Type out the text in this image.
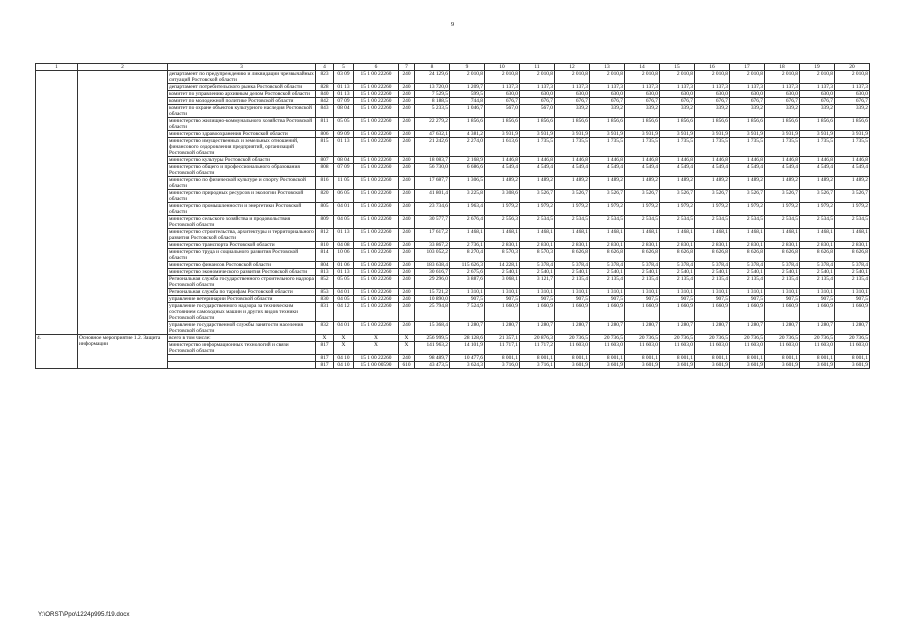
9
1	2	3	4	5	6	7	8	9	10	11	12	13	14	15	16	17	18	19	20
		департамент по предупреждению и ликвидации чрезвычайных ситуаций Ростовской области	823	03 09	15 1 00 22260	240	24 129,6	2 010,8	2 010,8	2 010,8	2 010,8	2 010,8	2 010,8	2 010,8	2 010,8	2 010,8	2 010,8	2 010,8	2 010,8
		департамент потребительского рынка Ростовской области	828	01 13	15 1 00 22260	240	13 720,0	1 209,7	1 137,3	1 137,3	1 137,3	1 137,3	1 137,3	1 137,3	1 137,3	1 137,3	1 137,3	1 137,3	1 137,3
		комитет по управлению архивным делом Ростовской области	840	01 13	15 1 00 22260	240	7 529,5	599,5	630,0	630,0	630,0	630,0	630,0	630,0	630,0	630,0	630,0	630,0	630,0
		комитет по молодежной политике Ростовской области	842	07 09	15 1 00 22260	240	8 188,5	744,8	676,7	676,7	676,7	676,7	676,7	676,7	676,7	676,7	676,7	676,7	676,7
		комитет по охране объектов культурного наследия Ростовской области	843	08 04	15 1 00 22260	240	5 233,5	1 046,7	567,0	567,0	339,2	339,2	339,2	339,2	339,2	339,2	339,2	339,2	339,2
		министерство жилищно-коммунального хозяйства Ростовской области	811	05 05	15 1 00 22260	240	22 279,2	1 856,6	1 856,6	1 856,6	1 856,6	1 856,6	1 856,6	1 856,6	1 856,6	1 856,6	1 856,6	1 856,6	1 856,6
		министерство здравоохранения Ростовской области	806	09 09	15 1 00 22260	240	47 632,1	4 381,2	3 931,9	3 931,9	3 931,9	3 931,9	3 931,9	3 931,9	3 931,9	3 931,9	3 931,9	3 931,9	3 931,9
		министерство имущественных и земельных отношений, финансового оздоровления предприятий, организаций Ростовской области	815	01 13	15 1 00 22260	240	21 242,6	2 274,0	1 613,6	1 735,5	1 735,5	1 735,5	1 735,5	1 735,5	1 735,5	1 735,5	1 735,5	1 735,5	1 735,5
		министерство культуры Ростовской области	807	08 04	15 1 00 22260	240	18 083,7	2 168,9	1 446,8	1 446,8	1 446,8	1 446,8	1 446,8	1 446,8	1 446,8	1 446,8	1 446,8	1 446,8	1 446,8
		министерство общего и профессионального образования Ростовской области	808	07 09	15 1 00 22260	240	56 730,0	6 686,6	4 549,4	4 549,4	4 549,4	4 549,4	4 549,4	4 549,4	4 549,4	4 549,4	4 549,4	4 549,4	4 549,4
		министерство по физической культуре и спорту Ростовской области	816	11 05	15 1 00 22260	240	17 687,7	1 306,5	1 489,2	1 489,2	1 489,2	1 489,2	1 489,2	1 489,2	1 489,2	1 489,2	1 489,2	1 489,2	1 489,2
		министерство природных ресурсов и экологии Ростовской области	820	06 05	15 1 00 22260	240	41 801,4	3 225,8	3 308,6	3 526,7	3 526,7	3 526,7	3 526,7	3 526,7	3 526,7	3 526,7	3 526,7	3 526,7	3 526,7
		министерство промышленности и энергетики Ростовской области	805	04 01	15 1 00 22260	240	23 734,6	1 963,4	1 979,2	1 979,2	1 979,2	1 979,2	1 979,2	1 979,2	1 979,2	1 979,2	1 979,2	1 979,2	1 979,2
		министерство сельского хозяйства и продовольствия Ростовской области	809	04 05	15 1 00 22260	240	30 577,7	2 676,4	2 556,3	2 534,5	2 534,5	2 534,5	2 534,5	2 534,5	2 534,5	2 534,5	2 534,5	2 534,5	2 534,5
		министерство строительства, архитектуры и территориального развития Ростовской области	812	01 13	15 1 00 22260	240	17 617,2	1 468,1	1 468,1	1 468,1	1 468,1	1 468,1	1 468,1	1 468,1	1 468,1	1 468,1	1 468,1	1 468,1	1 468,1
		министерство транспорта Ростовской области	810	04 08	15 1 00 22260	240	33 867,2	2 736,1	2 830,1	2 830,1	2 830,1	2 830,1	2 830,1	2 830,1	2 830,1	2 830,1	2 830,1	2 830,1	2 830,1
		министерство труда и социального развития Ростовской области	814	10 06	15 1 00 22260	240	103 052,2	8 270,4	8 570,3	8 570,3	8 626,8	8 626,8	8 626,8	8 626,8	8 626,8	8 626,8	8 626,8	8 626,8	8 626,8
		министерство финансов Ростовской области	804	01 06	15 1 00 22260	240	183 638,4	115 626,3	14 228,1	5 378,4	5 378,4	5 378,4	5 378,4	5 378,4	5 378,4	5 378,4	5 378,4	5 378,4	5 378,4
		министерство экономического развития Ростовской области	813	01 13	15 1 00 22260	240	30 616,7	2 675,6	2 540,1	2 540,1	2 540,1	2 540,1	2 540,1	2 540,1	2 540,1	2 540,1	2 540,1	2 540,1	2 540,1
		Региональная служба государственного строительного надзора Ростовской области	852	05 05	15 1 00 22260	240	29 296,0	3 887,6	3 068,1	3 121,7	2 135,4	2 135,4	2 135,4	2 135,4	2 135,4	2 135,4	2 135,4	2 135,4	2 135,4
		Региональная служба по тарифам Ростовской области	853	04 01	15 1 00 22260	240	15 721,2	1 310,1	1 310,1	1 310,1	1 310,1	1 310,1	1 310,1	1 310,1	1 310,1	1 310,1	1 310,1	1 310,1	1 310,1
		управление ветеринарии Ростовской области	830	04 05	15 1 00 22260	240	10 890,0	907,5	907,5	907,5	907,5	907,5	907,5	907,5	907,5	907,5	907,5	907,5	907,5
		управление государственного надзора за техническим состоянием самоходных машин и других видов техники Ростовской области	831	04 12	15 1 00 22260	240	25 794,8	7 524,9	1 660,9	1 660,9	1 660,9	1 660,9	1 660,9	1 660,9	1 660,9	1 660,9	1 660,9	1 660,9	1 660,9
		управление государственной службы занятости населения Ростовской области	832	04 01	15 1 00 22260	240	15 368,4	1 280,7	1 280,7	1 280,7	1 280,7	1 280,7	1 280,7	1 280,7	1 280,7	1 280,7	1 280,7	1 280,7	1 280,7
4.	Основное мероприятие 1.2. Защита информации	всего в том числе:	X	X	X	X	256 999,5	28 128,6	21 357,1	20 876,3	20 736,5	20 736,5	20 736,5	20 736,5	20 736,5	20 736,5	20 736,5	20 736,5	20 736,5
		министерство информационных технологий и связи Ростовской области	817	X	X	X	141 963,2	14 101,9	11 717,1	11 717,2	11 603,0	11 603,0	11 603,0	11 603,0	11 603,0	11 603,0	11 603,0	11 603,0	11 603,0
			817	04 10	15 1 00 22260	240	98 489,7	10 477,6	8 001,1	8 001,1	8 001,1	8 001,1	8 001,1	8 001,1	8 001,1	8 001,1	8 001,1	8 001,1	8 001,1
			817	04 10	15 1 00 00590	610	43 473,5	3 624,3	3 716,0	3 716,1	3 601,9	3 601,9	3 601,9	3 601,9	3 601,9	3 601,9	3 601,9	3 601,9	3 601,9
Y:\ORST\Ppo\1224p995.f19.docx
